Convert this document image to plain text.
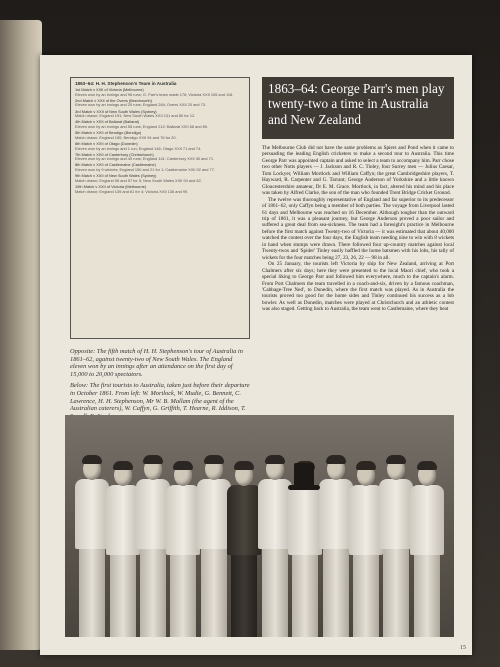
1863–64: H. H. Stephenson's Team in Australia
1st Match v XXII of Victoria (Melbourne)
Eleven won by an innings and 96 runs; G. Parr's team made 176; Victoria XXII 105 and 118.
2nd Match v XXII of the Ovens (Beechworth)
Eleven won by an innings and 20 runs; England 264; Ovens XXII 20 and 73.
3rd Match v XXII of New South Wales (Sydney)
Match drawn; England 191; New South Wales XXII 131 and 80 for 12.
4th Match v XXII of Ballarat (Ballarat)
Eleven won by an innings and 55 runs; England 212; Ballarat XXII 68 and 89.
5th Match v XXII of Bendigo (Bendigo)
Match drawn; England 180; Bendigo XXII 94 and 76 for 20.
6th Match v XXII of Otago (Dunedin)
Eleven won by an innings and 1 run; England 146; Otago XXII 71 and 74.
7th Match v XXII of Canterbury (Christchurch)
Eleven won by an innings and 40 runs; England 141; Canterbury XXII 30 and 71.
8th Match v XXII of Castlemaine (Castlemaine)
Eleven won by 9 wickets; England 150 and 21 for 1; Castlemaine XXII 92 and 77.
9th Match v XXII of New South Wales (Sydney)
Match drawn; England 96 and 57 for 5; New South Wales XXII 94 and 82.
10th Match v XXII of Victoria (Melbourne)
Match drawn; England 139 and 61 for 4; Victoria XXII 138 and 99.

Opposite: The fifth match of H. H. Stephenson's tour of Australia in 1861–62, against twenty-two of New South Wales. The England eleven won by an innings after an attendance on the first day of 15,000 to 20,000 spectators.

Below: The first tourists to Australia, taken just before their departure in October 1861. From left: W. Mortlock, W. Mudie, G. Bennett, C. Lawrence, H. H. Stephenson, Mr W. B. Mallam (the agent of the Australian caterers), W. Caffyn, G. Griffith, T. Hearne, R. Iddison, T.

1863–64: George Parr's men play twenty-two a time in Australia and New Zealand

The Melbourne Club did not have the same problems as Spiers and Pond when it came to persuading the leading English cricketers to make a second tour to Australia. This time George Parr was appointed captain and asked to select a team to accompany him. Parr chose two other Notts players — J. Jackson and R. C. Tinley, four Surrey men — Julius Caesar, Tom Lockyer, William Mortlock and William Caffyn; the great Cambridgeshire players, T. Hayward, R. Carpenter and G. Tarrant; George Anderson of Yorkshire and a little known Gloucestershire amateur, Dr E. M. Grace. Mortlock, in fact, altered his mind and his place was taken by Alfred Clarke, the son of the man who founded Trent Bridge Cricket Ground.

The twelve was thoroughly representative of England and far superior to its predecessor of 1861–62, only Caffyn being a member of both parties. The voyage from Liverpool lasted 61 days and Melbourne was reached on 16 December. Although tougher than the outward trip of 1861, it was a pleasant journey, but George Anderson proved a poor sailor and suffered a great deal from sea-sickness. The team had a foresight's practice in Melbourne before the first match against Twenty-two of Victoria — it was estimated that about 40,000 watched the contest over the four days, the English team needing nine to win with 8 wickets in hand when stumps were drawn. There followed four up-country matches against local Twenty-twos and 'Spider' Tinley easily baffled the home batsmen with his lobs, his tally of wickets for the four matches being 27, 23, 26, 22 — 98 in all.

On 25 January, the tourists left Victoria by ship for New Zealand, arriving at Port Chalmers after six days; here they were presented to the local Maori chief, who took a special liking to George Parr and followed him everywhere, much to the captain's alarm. From Port Chalmers the team travelled in a coach-and-six, driven by a famous coachman, 'Cabbage-Tree Ned', to Dunedin, where the first match was played. As in Australia the tourists proved too good for the home sides and Tinley continued his success as a lob bowler. As well as Dunedin, matches were played at Christchurch and an athletic contest was also staged. Getting back to Australia, the team went to Castlemaine, where they beat

15
